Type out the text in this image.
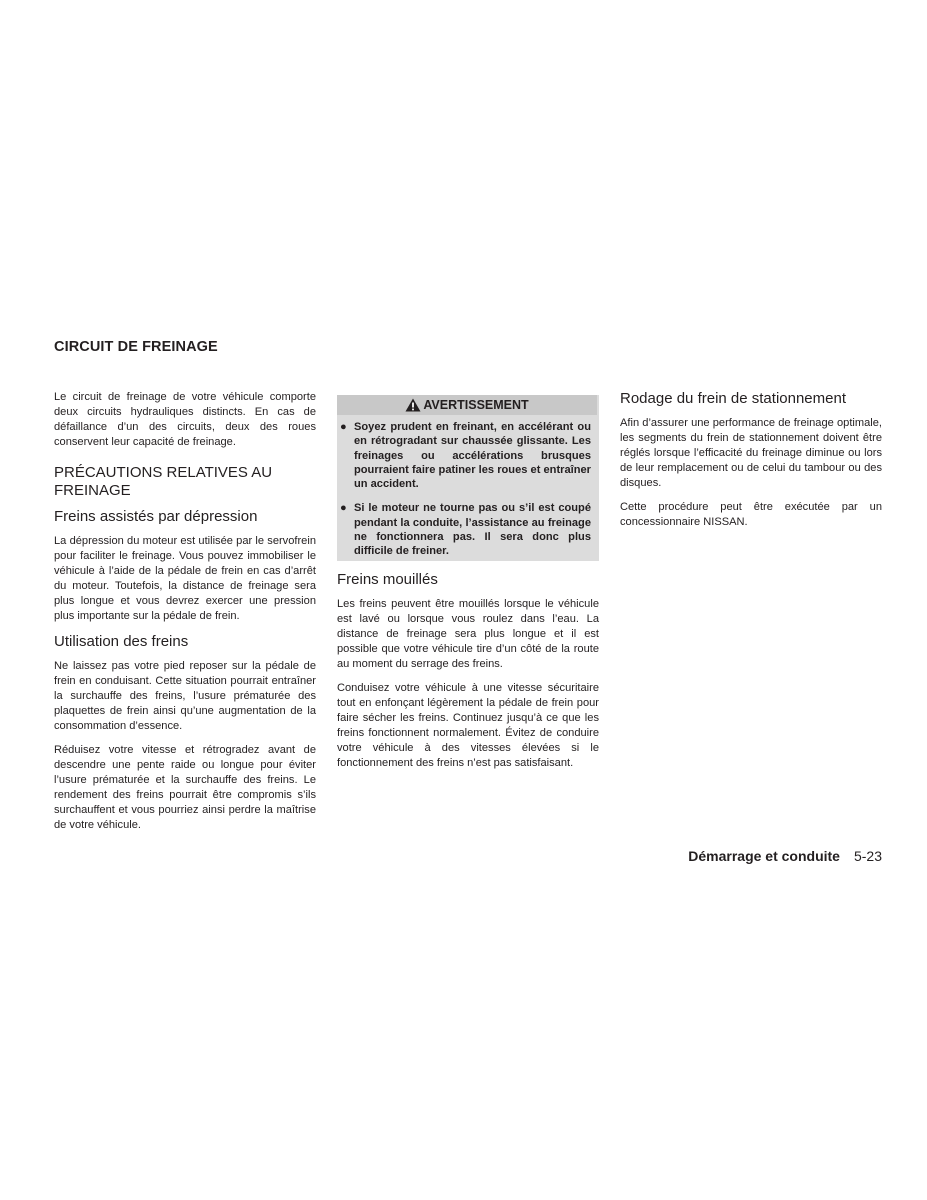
CIRCUIT DE FREINAGE

Le circuit de freinage de votre véhicule comporte deux circuits hydrauliques distincts. En cas de défaillance d’un des circuits, deux des roues conservent leur capacité de freinage.

PRÉCAUTIONS RELATIVES AU FREINAGE
Freins assistés par dépression

La dépression du moteur est utilisée par le servofrein pour faciliter le freinage. Vous pouvez immobiliser le véhicule à l’aide de la pédale de frein en cas d’arrêt du moteur. Toutefois, la distance de freinage sera plus longue et vous devrez exercer une pression plus importante sur la pédale de frein.

Utilisation des freins

Ne laissez pas votre pied reposer sur la pédale de frein en conduisant. Cette situation pourrait entraîner la surchauffe des freins, l’usure prématurée des plaquettes de frein ainsi qu’une augmentation de la consommation d’essence.

Réduisez votre vitesse et rétrogradez avant de descendre une pente raide ou longue pour éviter l’usure prématurée et la surchauffe des freins. Le rendement des freins pourrait être compromis s’ils surchauffent et vous pourriez ainsi perdre la maîtrise de votre véhicule.

AVERTISSEMENT
● Soyez prudent en freinant, en accélérant ou en rétrogradant sur chaussée glissante. Les freinages ou accélérations brusques pourraient faire patiner les roues et entraîner un accident.
● Si le moteur ne tourne pas ou s’il est coupé pendant la conduite, l’assistance au freinage ne fonctionnera pas. Il sera donc plus difficile de freiner.
Freins mouillés

Les freins peuvent être mouillés lorsque le véhicule est lavé ou lorsque vous roulez dans l’eau. La distance de freinage sera plus longue et il est possible que votre véhicule tire d’un côté de la route au moment du serrage des freins.

Conduisez votre véhicule à une vitesse sécuritaire tout en enfonçant légèrement la pédale de frein pour faire sécher les freins. Continuez jusqu’à ce que les freins fonctionnent normalement. Évitez de conduire votre véhicule à des vitesses élevées si le fonctionnement des freins n’est pas satisfaisant.

Rodage du frein de stationnement

Afin d’assurer une performance de freinage optimale, les segments du frein de stationnement doivent être réglés lorsque l’efficacité du freinage diminue ou lors de leur remplacement ou de celui du tambour ou des disques.

Cette procédure peut être exécutée par un concessionnaire NISSAN.

Démarrage et conduite 5-23
